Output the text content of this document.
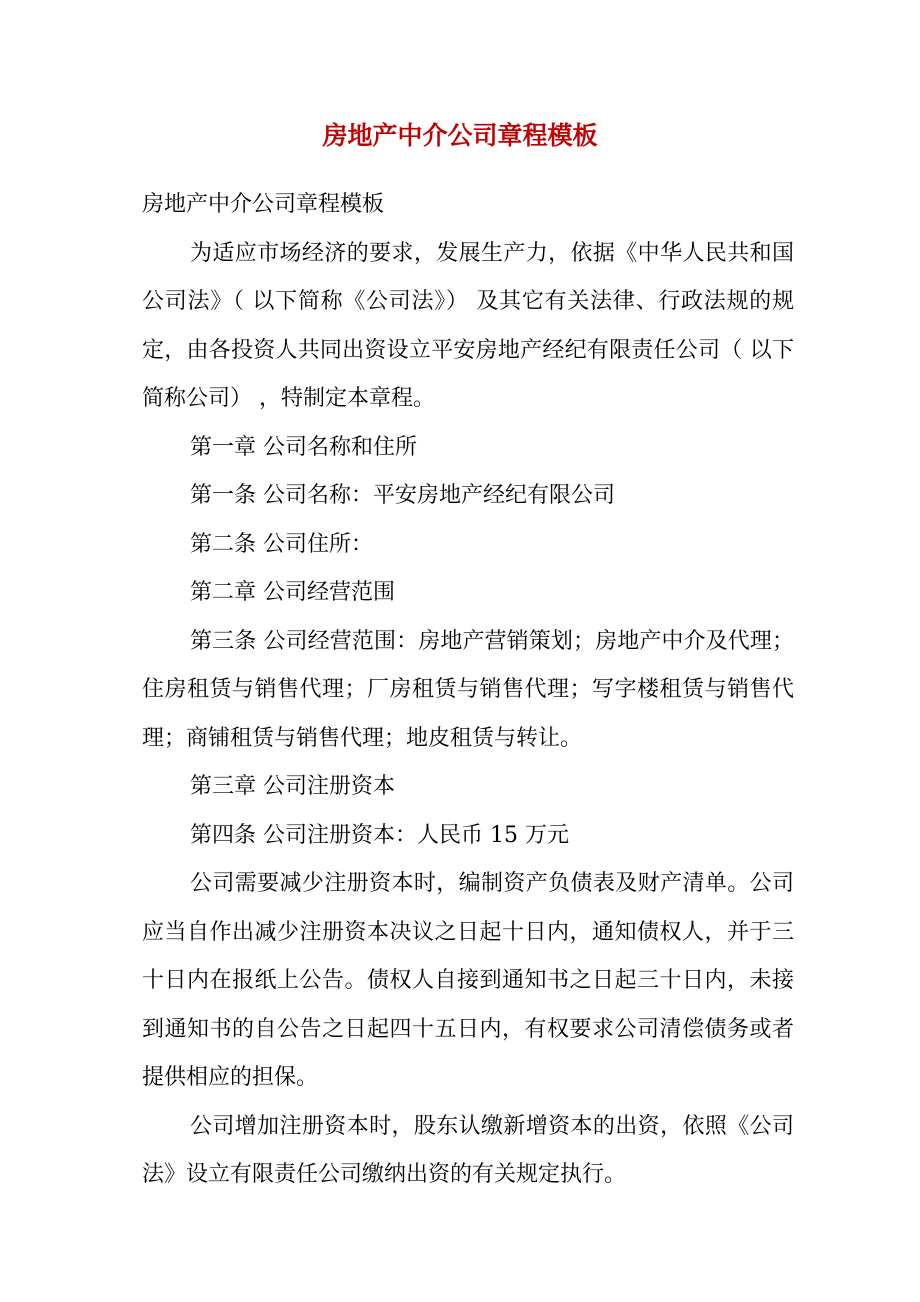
房地产中介公司章程模板

房地产中介公司章程模板

为适应市场经济的要求，发展生产力，依据《中华人民共和国公司法》（ 以下简称《公司法》） 及其它有关法律、行政法规的规定，由各投资人共同出资设立平安房地产经纪有限责任公司（ 以下简称公司） ，特制定本章程。

第一章 公司名称和住所

第一条 公司名称：平安房地产经纪有限公司

第二条 公司住所：

第二章 公司经营范围

第三条 公司经营范围：房地产营销策划；房地产中介及代理；住房租赁与销售代理；厂房租赁与销售代理；写字楼租赁与销售代理；商铺租赁与销售代理；地皮租赁与转让。

第三章 公司注册资本

第四条 公司注册资本：人民币 15 万元

公司需要减少注册资本时，编制资产负债表及财产清单。公司应当自作出减少注册资本决议之日起十日内，通知债权人，并于三十日内在报纸上公告。债权人自接到通知书之日起三十日内，未接到通知书的自公告之日起四十五日内，有权要求公司清偿债务或者提供相应的担保。

公司增加注册资本时，股东认缴新增资本的出资，依照《公司法》设立有限责任公司缴纳出资的有关规定执行。
